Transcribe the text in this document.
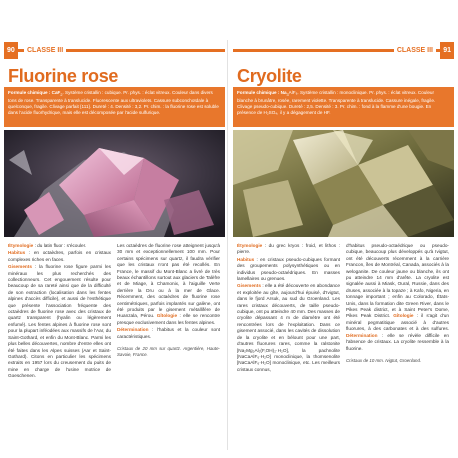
90	CLASSE III
Fluorine rose
Formule chimique : CaF$_2$. Système cristallin : cubique. Pr. phys. : éclat vitreux. Couleur dans divers tons de rose. Transparente à translucide. Fluorescente aux ultraviolets. Cassure subconchoïdale à quelconque, fragile. Clivage parfait {111}. Dureté : 4. Densité : 3,2. Pr. chim. : la fluorine rose est soluble dans l'acide fluorhydrique, mais elle est décomposée par l'acide sulfurique.

Étymologie : du latin fluor : s'écouler.

Habitus : en octaèdres, parfois en cristaux complexes riches en faces.

Gisements : la fluorine rose figure parmi les minéraux les plus recherchés des collectionneurs. Cet engouement résulte pour beaucoup de sa rareté ainsi que de la difficulté de son extraction (localisation dans les fentes alpines d'accès difficile), et aussi de l'esthétique que présente l'association fréquente des octaèdres de fluorine rose avec des cristaux de quartz transparent (hyalin ou légèrement enfumé). Les fentes alpines à fluorine rose sont pour la plupart inféodées aux massifs de l'Aar, du Saint-Gothard, et enfin du Mont-Blanc. Parmi les plus belles découvertes, nombre d'entre elles ont été faites dans les Alpes suisses (Aar et Saint-Gothard). Citons en particulier les spécimens extraits en 1957 lors du creusement du puits de mine en charge de l'usine motrice de Goeschenen.

Les octaèdres de fluorine rose atteignent jusqu'à 30 mm et exceptionnellement 100 mm. Pour certains spécimens sur quartz, il faudra vérifier que les cristaux n'ont pas été recollés. En France, le massif du Mont-Blanc a livré de très beaux échantillons surtout aux glaciers de Talèfre et de Miage, à Chamonix, à l'aiguille Verte derrière la Dru ou à la mer de Glace. Récemment, des octaèdres de fluorine rose centimétriques, parfois implantés sur galène, ont été produits par le gisement métallifère de Huanzala, Pérou. Gîtologie : elle se rencontre presque exclusivement dans les fentes alpines.

Détermination : l'habitus et la couleur sont caractéristiques.

Cristaux de 20 mm sur quartz. Argentière, Haute-Savoie, France.

CLASSE III	91
Cryolite
Formule chimique : $Na_3AlF_6$. Système cristallin : monoclinique. Pr. phys. : éclat vitreux. Couleur blanche à brunâtre, rosée, rarement violette. Transparente à translucide. Cassure inégale, fragile. Clivage pseudo-cubique. Dureté : 2,5. Densité : 3. Pr. chim. : fond à la flamme d'une bougie. En présence de H₂SO₄, il y a dégagement de HF.

Étymologie : du grec kryos : froid, et lithos : pierre.

Habitus : en cristaux pseudo-cubiques formant des groupements polysynthétiques ou en individus pseudo-octaédriques. En masses lamellaires ou grenues.

Gisements : elle a été découverte en abondance et exploitée au gîte, aujourd'hui épuisé, d'Ivigtut, dans le fjord Arsuk, au sud du Groenland. Les rares cristaux découverts, de taille pseudo-cubique, ont pu atteindre 40 mm. Des masses de cryolite dépassant 4 m de diamètre ont été rencontrées lors de l'exploitation. Dans ce gisement associé, dans les cavités de dissolution de la cryolite et en bélount pour une part, d'autres fluorures rares, comme la ralstonite [Na₂Mg₂Al₂(F,OH)₂·H₂O], la pachnolite [NaCaAlF₆·H₂O] monoclinique, la thomsenolite [NaCaAlF₆·H₂O] monoclinique, etc. Les meilleurs cristaux connus,

d'habitus pseudo-octaédrique ou pseudo-cubique, beaucoup plus développés qu'à Ivigtut, ont été découverts récemment à la carrière Francon, îles de Montréal, Canada, associés à la weloganite. De couleur jaune ou blanche, ils ont pu atteindre 14 mm d'arête. La cryolite est signalée aussi à Miask, Oural, Russie, dans des druses, associée à la topaze ; à Kafo, Nigeria, en tonnage important ; enfin au Colorado, États-Unis, dans la formation dite Green River, dans le Pikes Peak district, et à Saint Peter's Dome, Pikes Peak District. Gîtologie : il s'agit d'un minéral pegmatitique associé à d'autres fluorures, à des carbonates et à des sulfures. Détermination : elle se révèle difficile en l'absence de cristaux. La cryolite ressemble à la fluorine.

Cristaux de 10 mm. Ivigtut, Groenland.
